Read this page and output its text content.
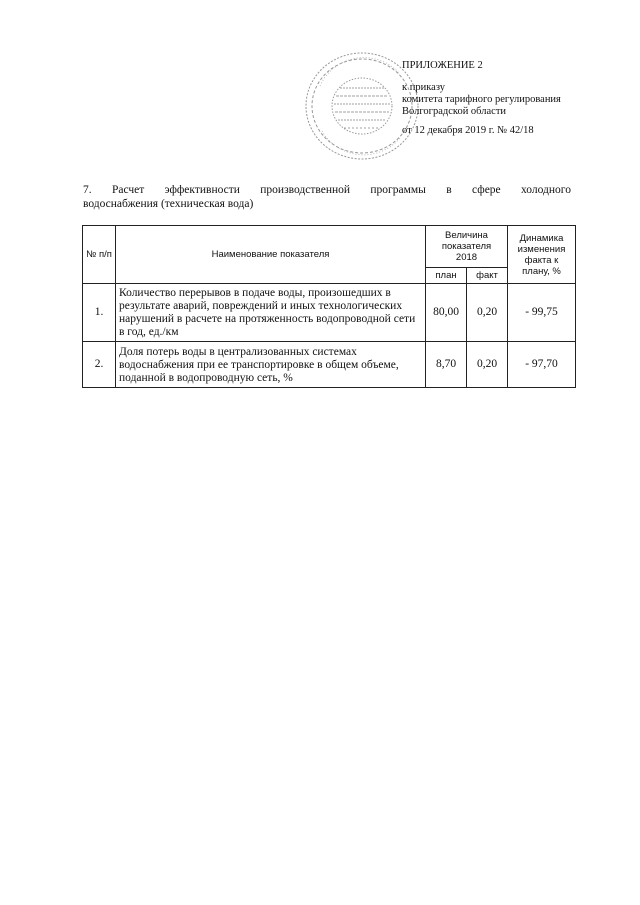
ПРИЛОЖЕНИЕ 2
к приказу
комитета тарифного регулирования
Волгоградской области
от 12 декабря 2019 г. № 42/18
7. Расчет эффективности производственной программы в сфере холодного
водоснабжения (техническая вода)
№ п/п	Наименование показателя	Величина показателя 2018		Динамика изменения факта к плану, %
		план	факт	
1.	Количество перерывов в подаче воды, произошедших в результате аварий, повреждений и иных технологических нарушений в расчете на протяженность водопроводной сети в год, ед./км	80,00	0,20	- 99,75
2.	Доля потерь воды в централизованных системах водоснабжения при ее транспортировке в общем объеме, поданной в водопроводную сеть, %	8,70	0,20	- 97,70
